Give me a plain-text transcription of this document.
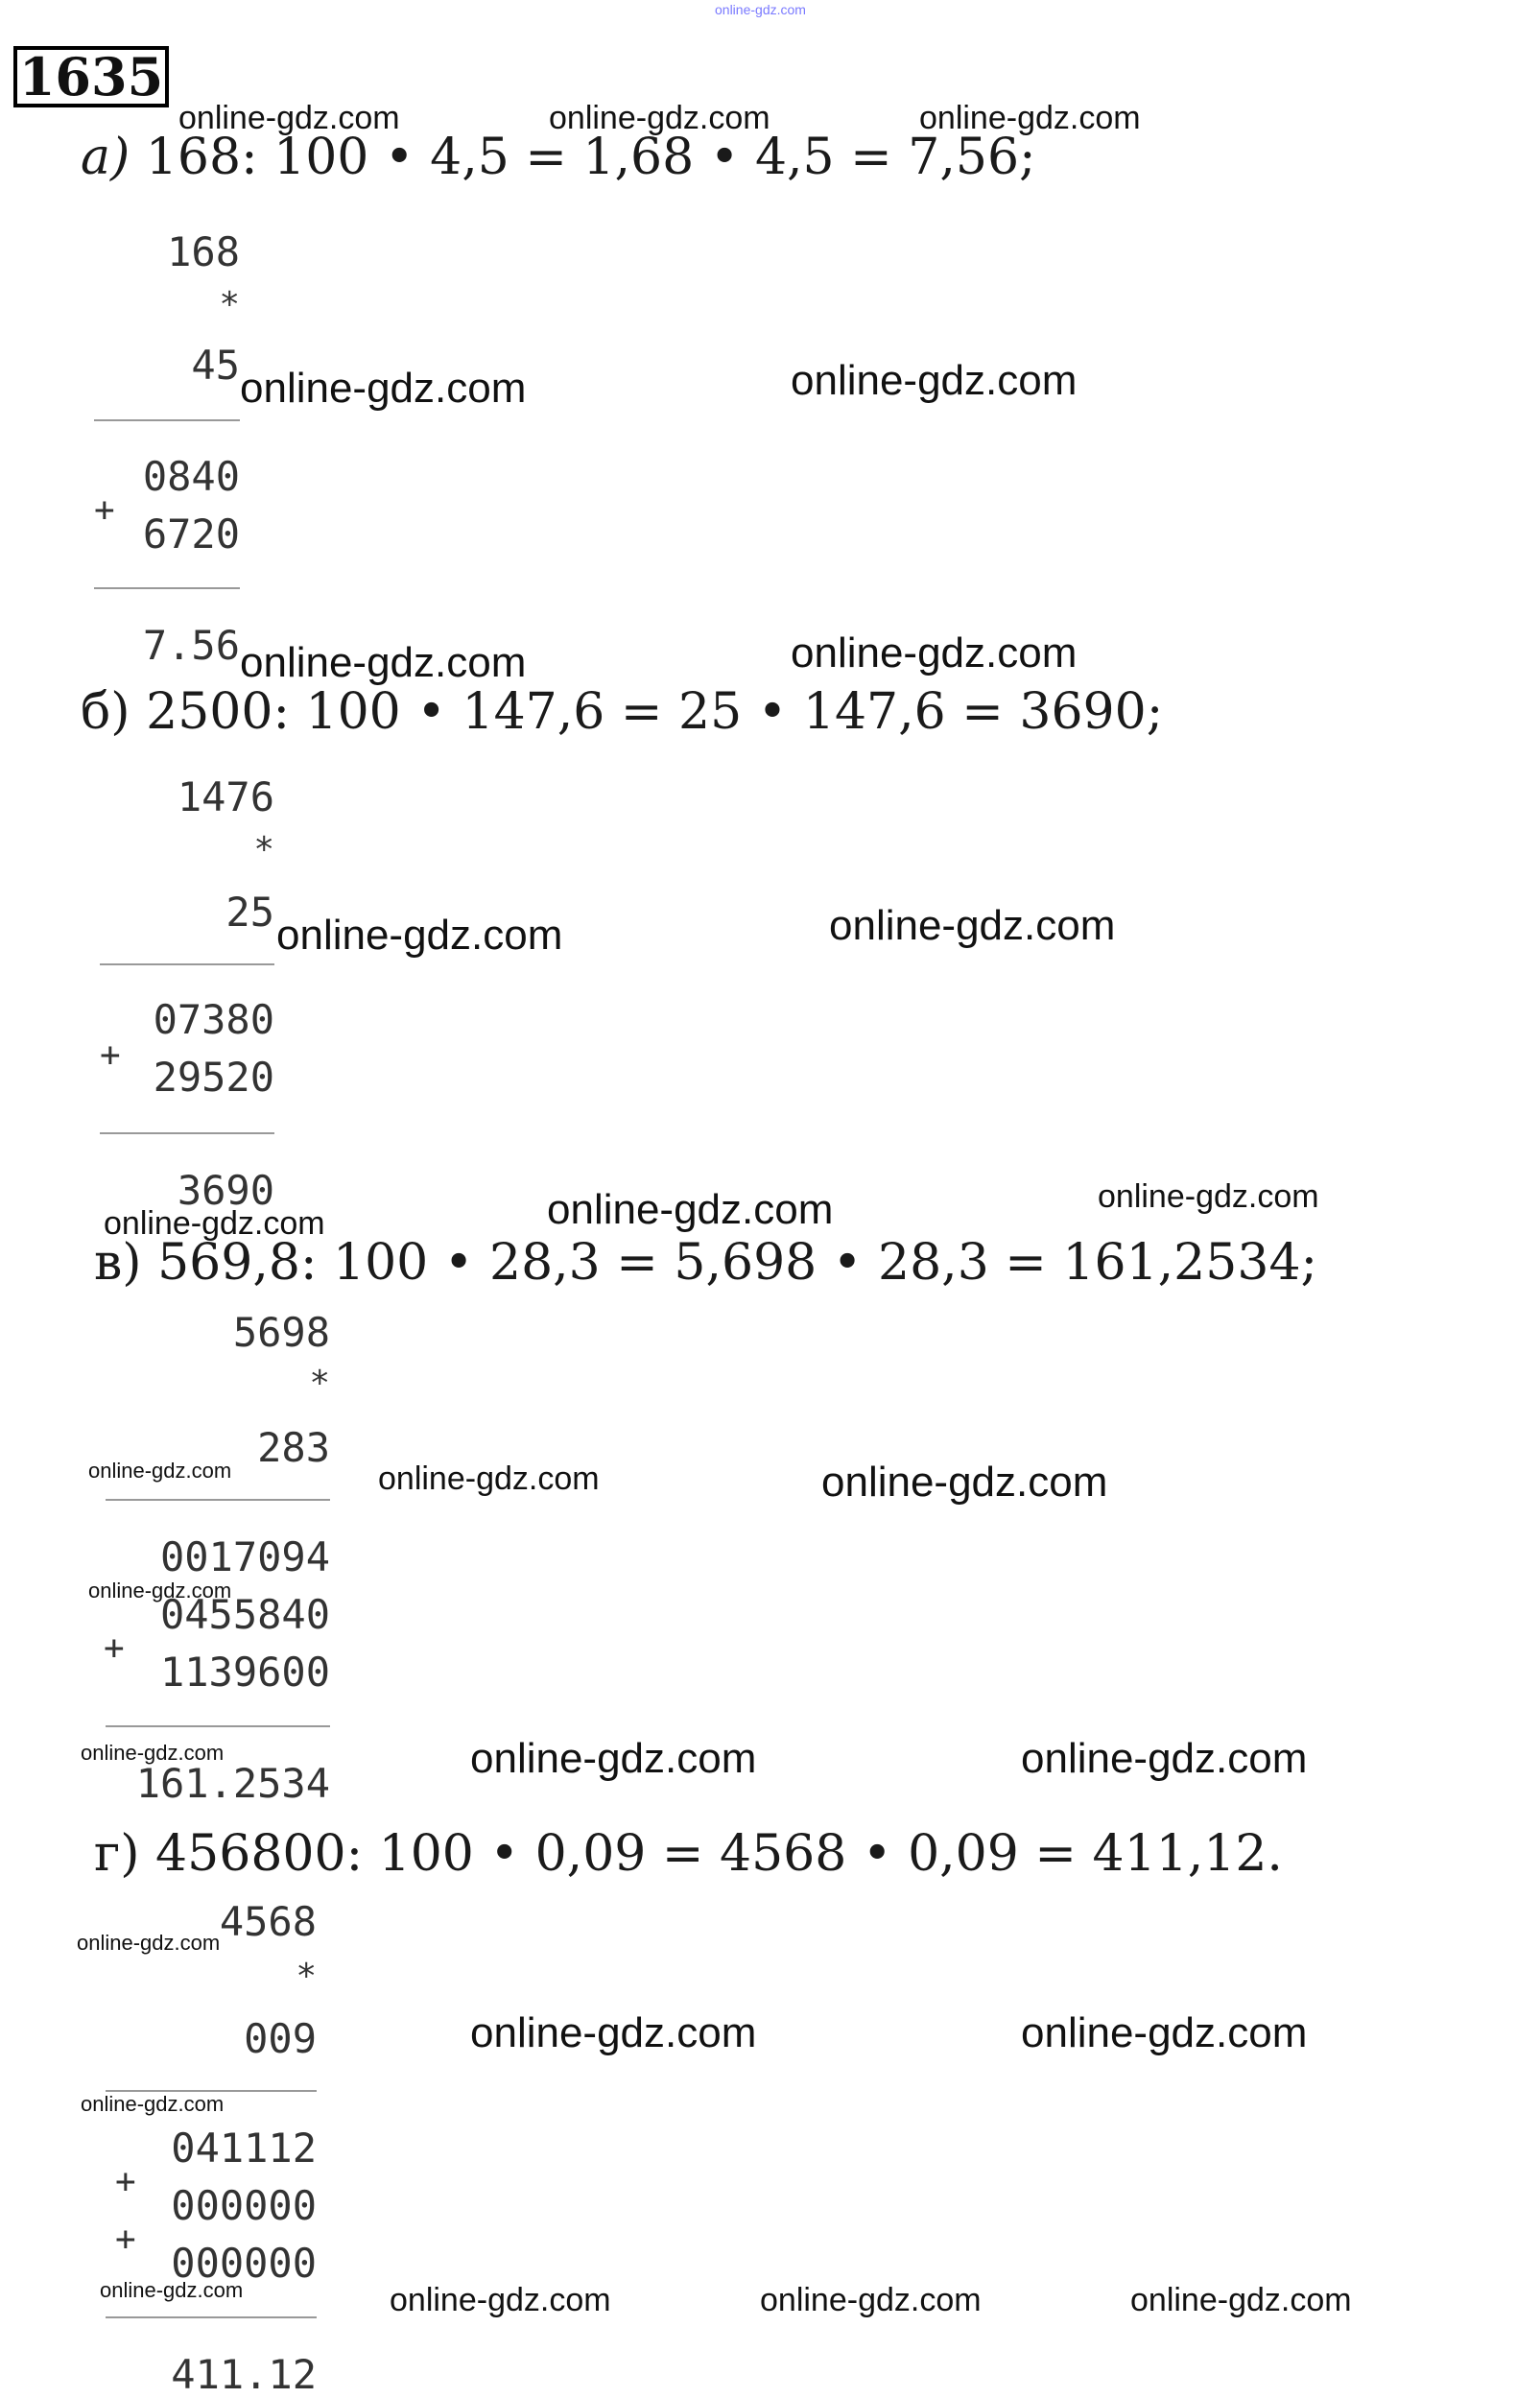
online-gdz.com
1635
online-gdz.com	online-gdz.com	online-gdz.com
а) 168: 100 • 4,5 = 1,68 • 4,5 = 7,56;
168
*
45 online-gdz.com	online-gdz.com
0840
+
6720
7.56 online-gdz.com	online-gdz.com
б) 2500: 100 • 147,6 = 25 • 147,6 = 3690;
1476
*
25 online-gdz.com	online-gdz.com
07380
+ 29520
3690	online-gdz.com	online-gdz.com
online-gdz.com
в) 569,8: 100 • 28,3 = 5,698 • 28,3 = 161,2534;
5698
*
283
online-gdz.com	online-gdz.com	online-gdz.com
0017094
online-gdz.com
0455840
+
1139600
online-gdz.com
161.2534
online-gdz.com	online-gdz.com
г) 456800: 100 • 0,09 = 4568 • 0,09 = 411,12.
4568
online-gdz.com
*
009	online-gdz.com	online-gdz.com
online-gdz.com
041112
+
000000
+
000000
online-gdz.com	online-gdz.com	online-gdz.com	online-gdz.com
411.12
